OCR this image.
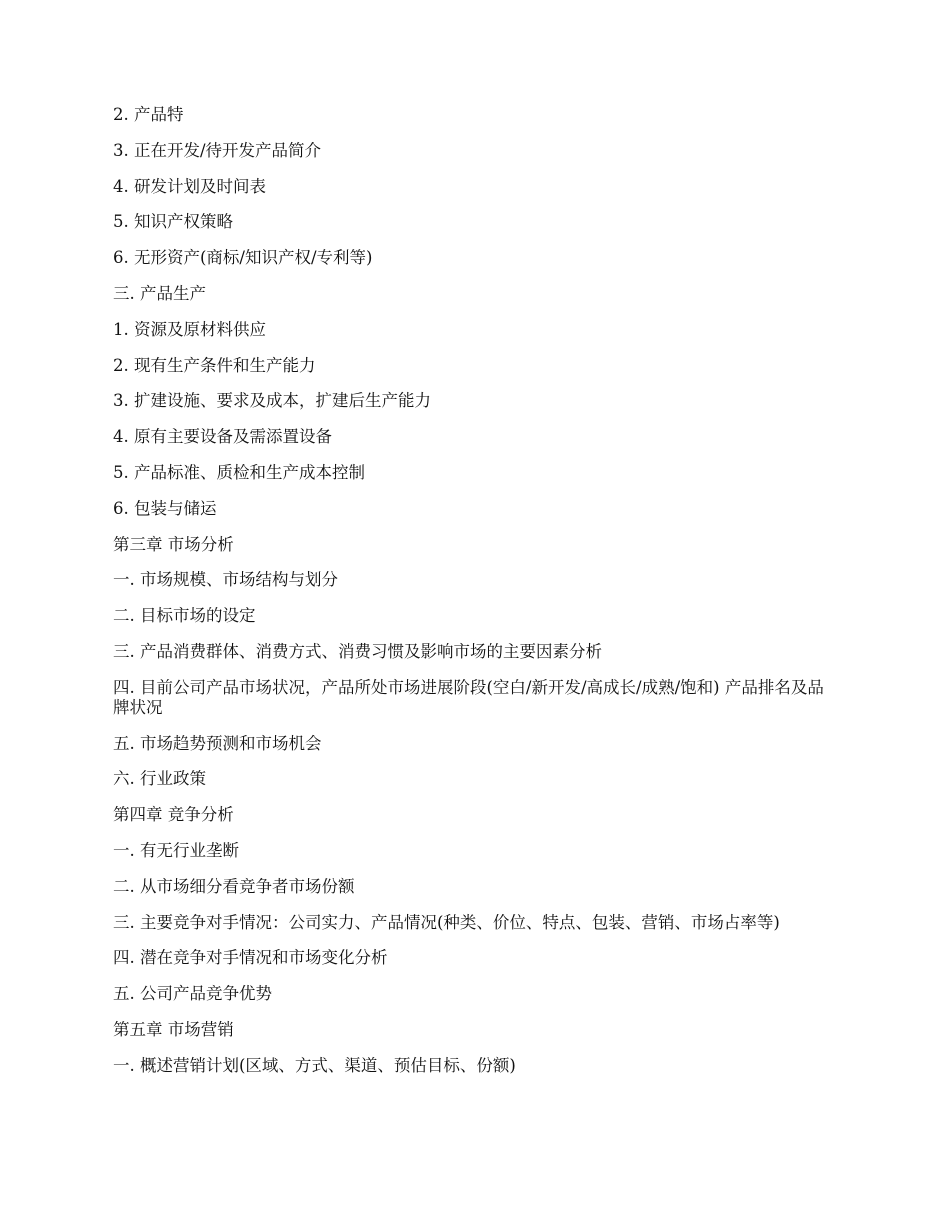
2. 产品特

3. 正在开发/待开发产品简介

4. 研发计划及时间表

5. 知识产权策略

6. 无形资产(商标/知识产权/专利等)

三. 产品生产

1. 资源及原材料供应

2. 现有生产条件和生产能力

3. 扩建设施、要求及成本，扩建后生产能力

4. 原有主要设备及需添置设备

5. 产品标准、质检和生产成本控制

6. 包装与储运

第三章 市场分析

一. 市场规模、市场结构与划分

二. 目标市场的设定

三. 产品消费群体、消费方式、消费习惯及影响市场的主要因素分析

四. 目前公司产品市场状况，产品所处市场进展阶段(空白/新开发/高成长/成熟/饱和) 产品排名及品牌状况

五. 市场趋势预测和市场机会

六. 行业政策

第四章 竞争分析

一. 有无行业垄断

二. 从市场细分看竞争者市场份额

三. 主要竞争对手情况：公司实力、产品情况(种类、价位、特点、包装、营销、市场占率等)

四. 潜在竞争对手情况和市场变化分析

五. 公司产品竞争优势

第五章 市场营销

一. 概述营销计划(区域、方式、渠道、预估目标、份额)
